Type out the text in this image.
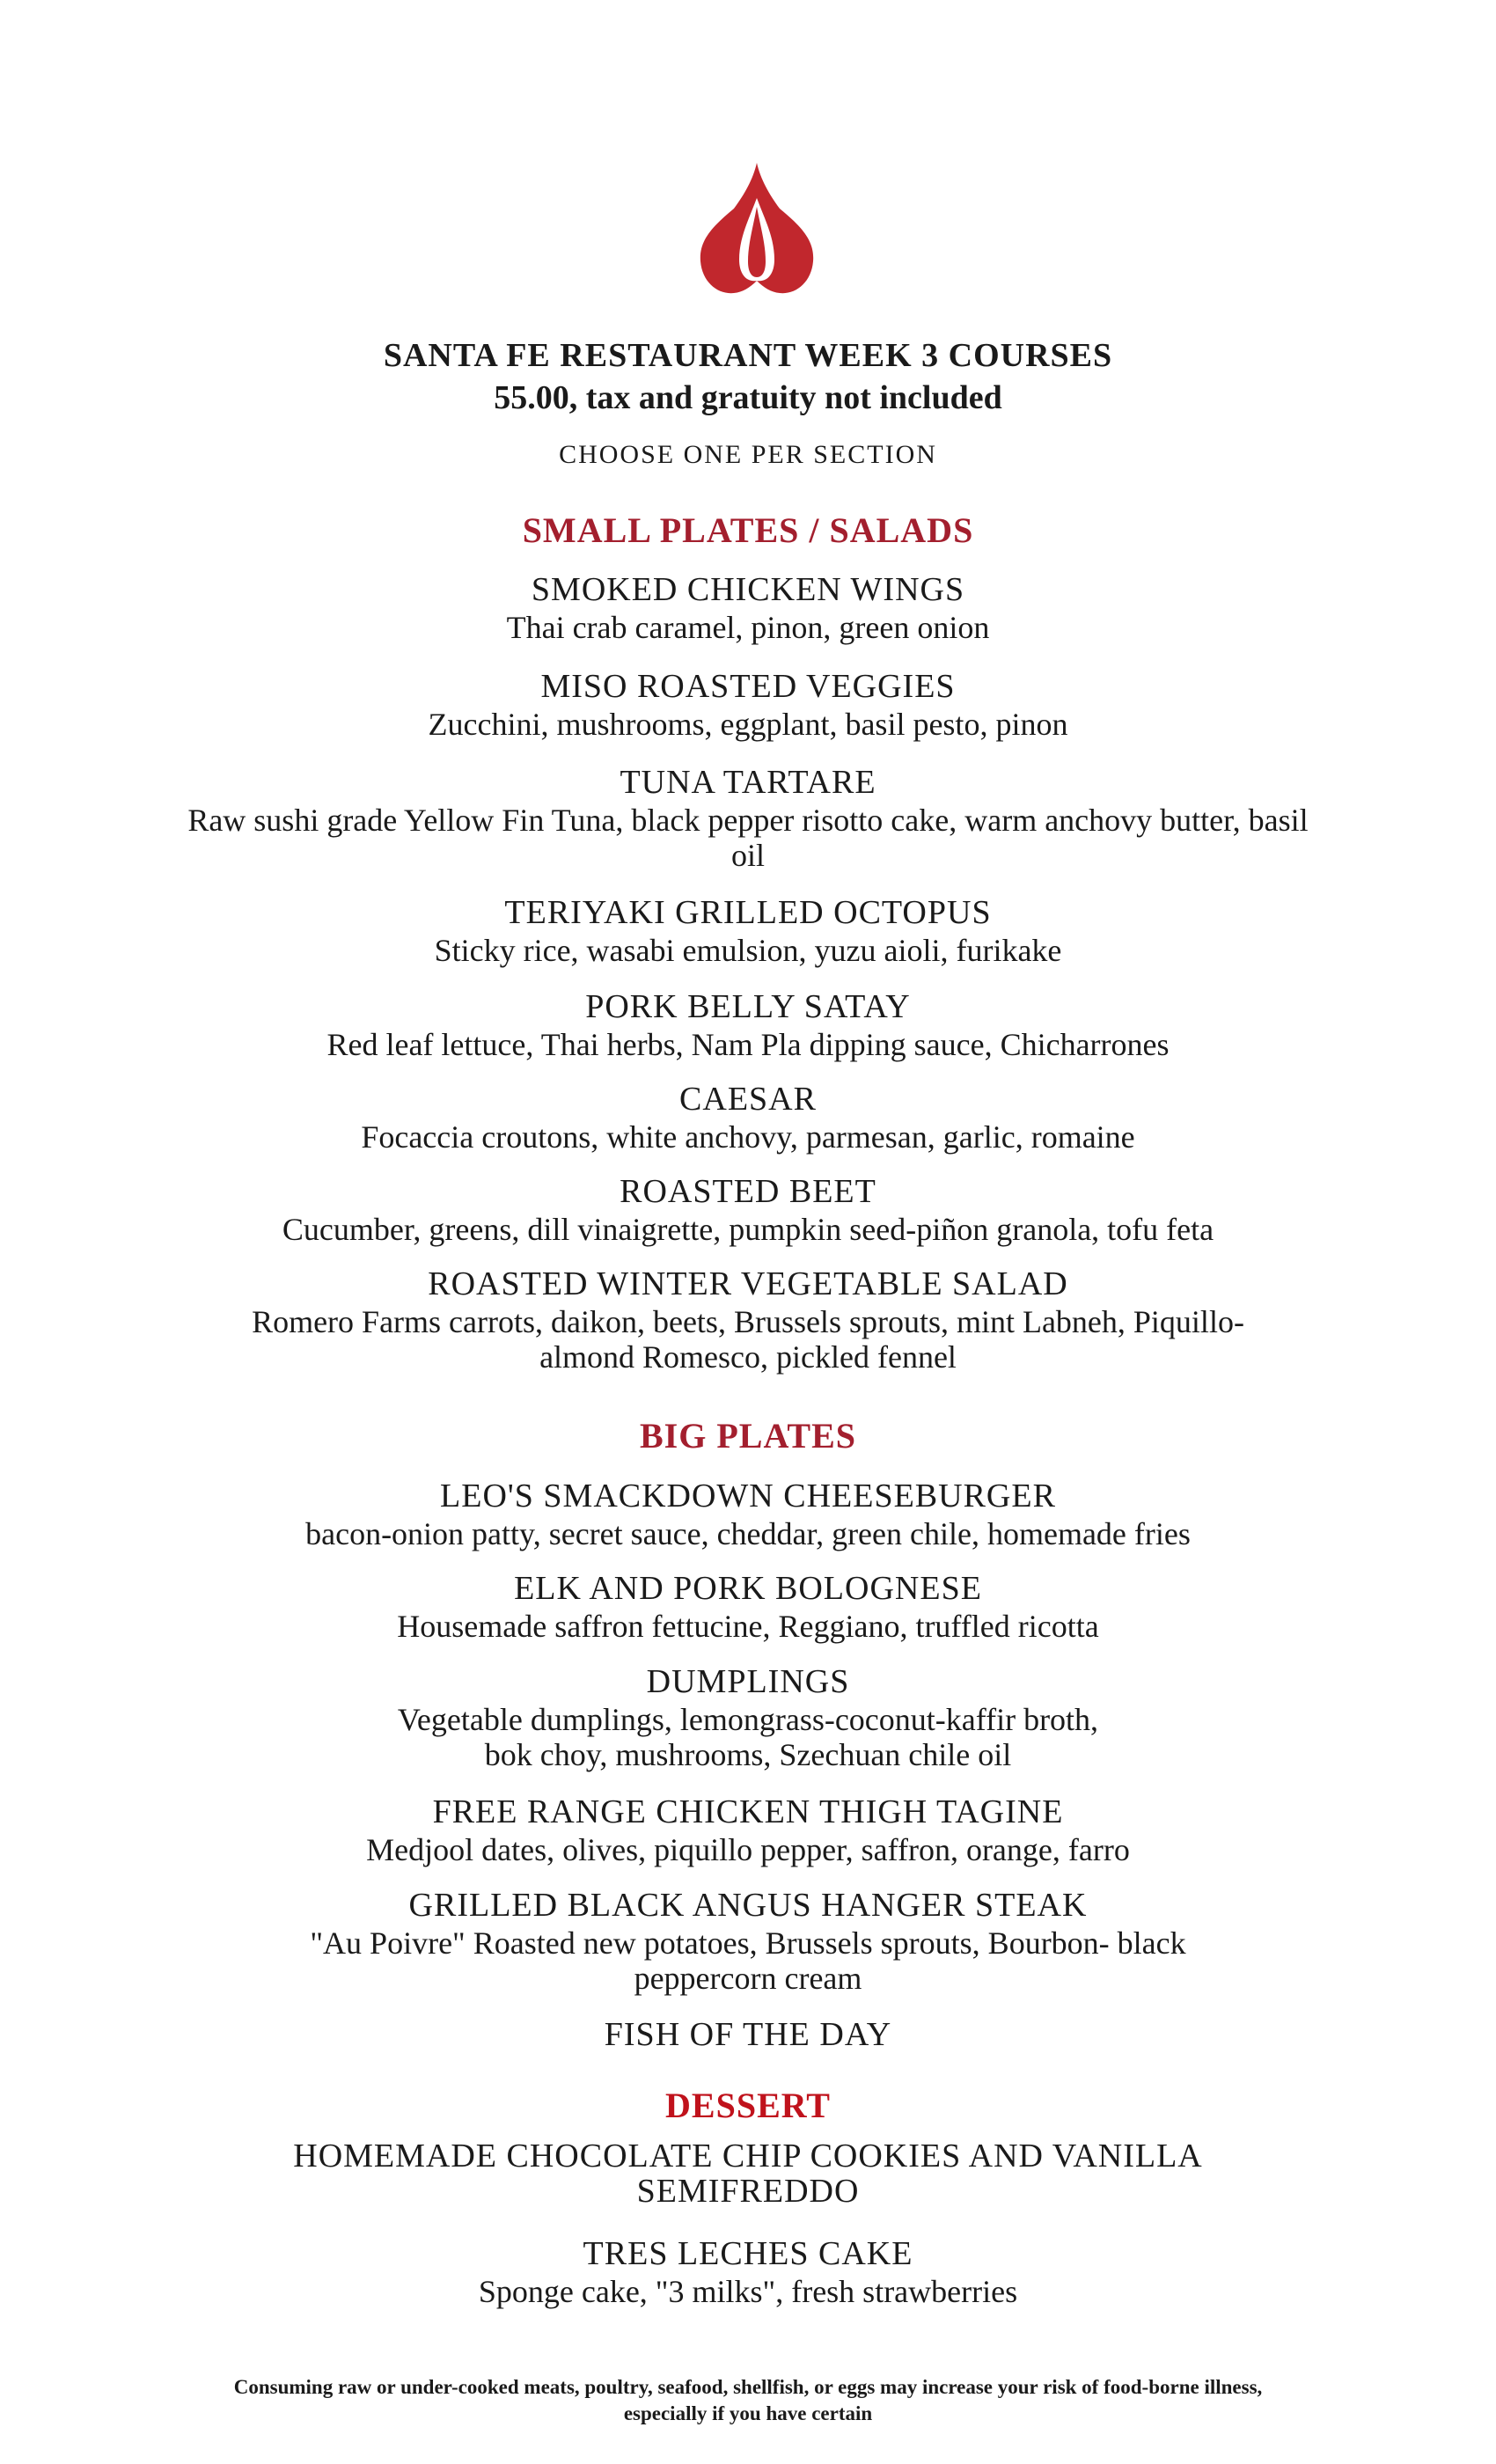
SANTA FE RESTAURANT WEEK 3 COURSES
55.00, tax and gratuity not included
CHOOSE ONE PER SECTION
SMALL PLATES / SALADS
SMOKED CHICKEN WINGS
Thai crab caramel, pinon, green onion
MISO ROASTED VEGGIES
Zucchini, mushrooms, eggplant, basil pesto, pinon
TUNA TARTARE
Raw sushi grade Yellow Fin Tuna, black pepper risotto cake, warm anchovy butter, basil oil
TERIYAKI GRILLED OCTOPUS
Sticky rice, wasabi emulsion, yuzu aioli, furikake
PORK BELLY SATAY
Red leaf lettuce, Thai herbs, Nam Pla dipping sauce, Chicharrones
CAESAR
Focaccia croutons, white anchovy, parmesan, garlic, romaine
ROASTED BEET
Cucumber, greens, dill vinaigrette, pumpkin seed-piñon granola, tofu feta
ROASTED WINTER VEGETABLE SALAD
Romero Farms carrots, daikon, beets, Brussels sprouts, mint Labneh, Piquillo-almond Romesco, pickled fennel
BIG PLATES
LEO'S SMACKDOWN CHEESEBURGER
bacon-onion patty, secret sauce, cheddar, green chile, homemade fries
ELK AND PORK BOLOGNESE
Housemade saffron fettucine, Reggiano, truffled ricotta
DUMPLINGS
Vegetable dumplings, lemongrass-coconut-kaffir broth, bok choy, mushrooms, Szechuan chile oil
FREE RANGE CHICKEN THIGH TAGINE
Medjool dates, olives, piquillo pepper, saffron, orange, farro
GRILLED BLACK ANGUS HANGER STEAK
"Au Poivre" Roasted new potatoes, Brussels sprouts, Bourbon- black peppercorn cream
FISH OF THE DAY
DESSERT
HOMEMADE CHOCOLATE CHIP COOKIES AND VANILLA SEMIFREDDO
TRES LECHES CAKE
Sponge cake, "3 milks", fresh strawberries
Consuming raw or under-cooked meats, poultry, seafood, shellfish, or eggs may increase your risk of food-borne illness, especially if you have certain
